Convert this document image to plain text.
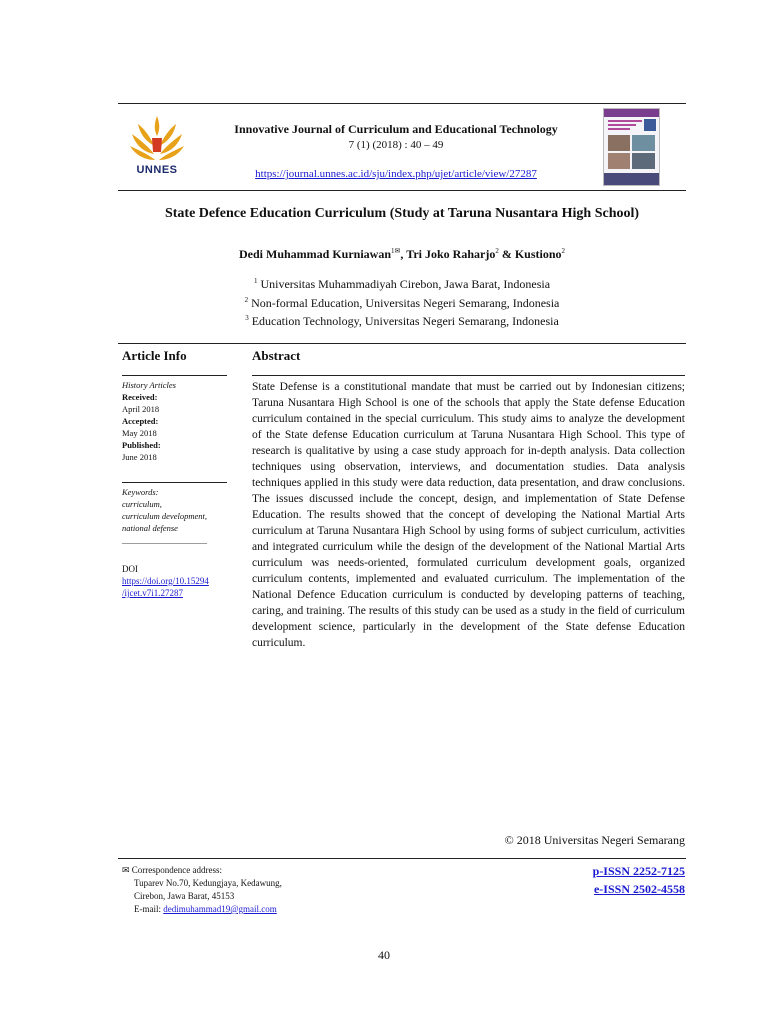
UNNES
Innovative Journal of Curriculum and Educational Technology
7 (1) (2018) : 40 – 49
https://journal.unnes.ac.id/sju/index.php/ujet/article/view/27287
State Defence Education Curriculum (Study at Taruna Nusantara High School)
Dedi Muhammad Kurniawan$^{1✉}$, Tri Joko Raharjo$^2$ & Kustiono$^2$
$^1$ Universitas Muhammadiyah Cirebon, Jawa Barat, Indonesia
$^2$ Non-formal Education, Universitas Negeri Semarang, Indonesia
$^3$ Education Technology, Universitas Negeri Semarang, Indonesia
Article Info
History Articles
Received:
April 2018
Accepted:
May 2018
Published:
June 2018
Keywords:
curriculum,
curriculum development,
national defense
____________________
DOI
https://doi.org/10.15294
/ijcet.v7i1.27287
Abstract
State Defense is a constitutional mandate that must be carried out by Indonesian citizens; Taruna Nusantara High School is one of the schools that apply the State defense Education curriculum contained in the special curriculum. This study aims to analyze the development of the State defense Education curriculum at Taruna Nusantara High School. This type of research is qualitative by using a case study approach for in-depth analysis. Data collection techniques using observation, interviews, and documentation studies. Data analysis techniques applied in this study were data reduction, data presentation, and draw conclusions. The issues discussed include the concept, design, and implementation of State Defense Education. The results showed that the concept of developing the National Martial Arts curriculum at Taruna Nusantara High School by using forms of subject curriculum, activities and integrated curriculum while the design of the development of the National Martial Arts curriculum was needs-oriented, formulated curriculum development goals, organized curriculum contents, implemented and evaluated curriculum. The implementation of the National Defence Education curriculum is conducted by developing patterns of teaching, caring, and training. The results of this study can be used as a study in the field of curriculum development science, particularly in the development of the State defense Education curriculum.
© 2018 Universitas Negeri Semarang
✉ Correspondence address:
Tuparev No.70, Kedungjaya, Kedawung,
Cirebon, Jawa Barat, 45153
E-mail: dedimuhammad19@gmail.com
p-ISSN 2252-7125
e-ISSN 2502-4558
40
